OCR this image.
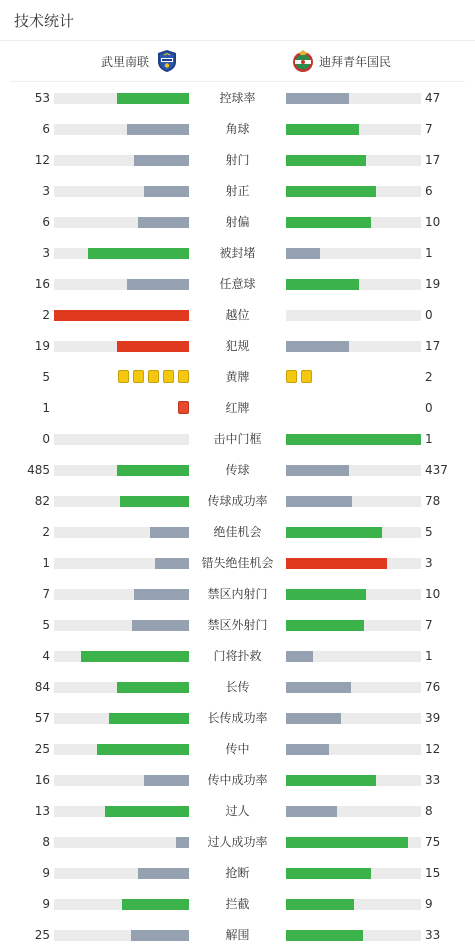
技术统计
武里南联	迪拜青年国民
53	控球率	47
6	角球	7
12	射门	17
3	射正	6
6	射偏	10
3	被封堵	1
16	任意球	19
2	越位	0
19	犯规	17
5	黄牌	2
1	红牌	0
0	击中门框	1
485	传球	437
82	传球成功率	78
2	绝佳机会	5
1	错失绝佳机会	3
7	禁区内射门	10
5	禁区外射门	7
4	门将扑救	1
84	长传	76
57	长传成功率	39
25	传中	12
16	传中成功率	33
13	过人	8
8	过人成功率	75
9	抢断	15
9	拦截	9
25	解围	33
